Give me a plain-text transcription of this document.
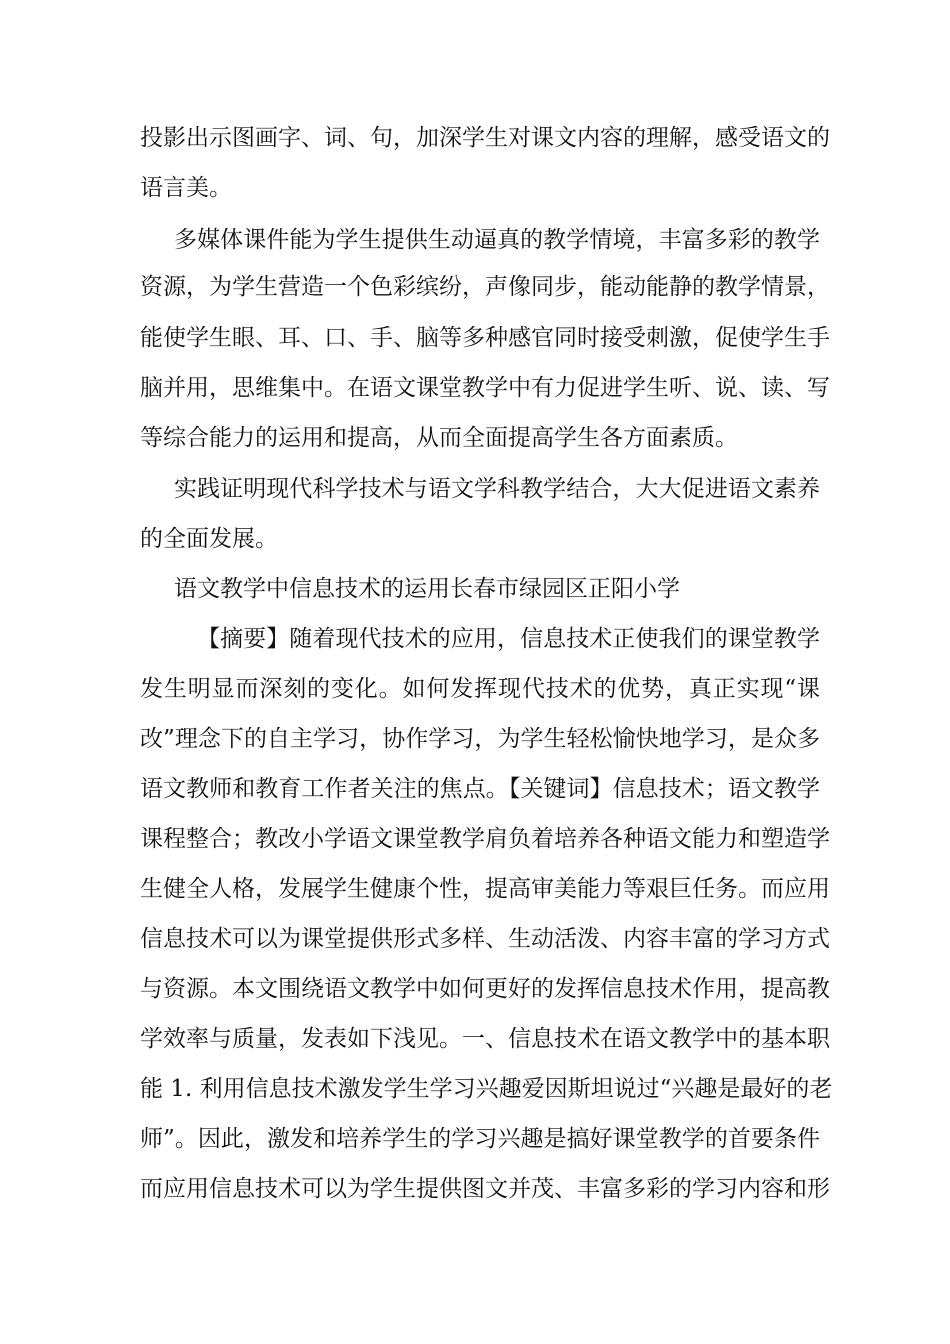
投影出示图画字、词、句，加深学生对课文内容的理解，感受语文的
语言美。
多媒体课件能为学生提供生动逼真的教学情境，丰富多彩的教学
资源，为学生营造一个色彩缤纷，声像同步，能动能静的教学情景，
能使学生眼、耳、口、手、脑等多种感官同时接受刺激，促使学生手
脑并用，思维集中。在语文课堂教学中有力促进学生听、说、读、写
等综合能力的运用和提高，从而全面提高学生各方面素质。
实践证明现代科学技术与语文学科教学结合，大大促进语文素养
的全面发展。
语文教学中信息技术的运用长春市绿园区正阳小学
【摘要】随着现代技术的应用，信息技术正使我们的课堂教学
发生明显而深刻的变化。如何发挥现代技术的优势，真正实现“课
改”理念下的自主学习，协作学习，为学生轻松愉快地学习，是众多
语文教师和教育工作者关注的焦点。【关键词】信息技术；语文教学
课程整合；教改小学语文课堂教学肩负着培养各种语文能力和塑造学
生健全人格，发展学生健康个性，提高审美能力等艰巨任务。而应用
信息技术可以为课堂提供形式多样、生动活泼、内容丰富的学习方式
与资源。本文围绕语文教学中如何更好的发挥信息技术作用，提高教
学效率与质量，发表如下浅见。一、信息技术在语文教学中的基本职
能 1. 利用信息技术激发学生学习兴趣爱因斯坦说过“兴趣是最好的老
师”。因此，激发和培养学生的学习兴趣是搞好课堂教学的首要条件
而应用信息技术可以为学生提供图文并茂、丰富多彩的学习内容和形
